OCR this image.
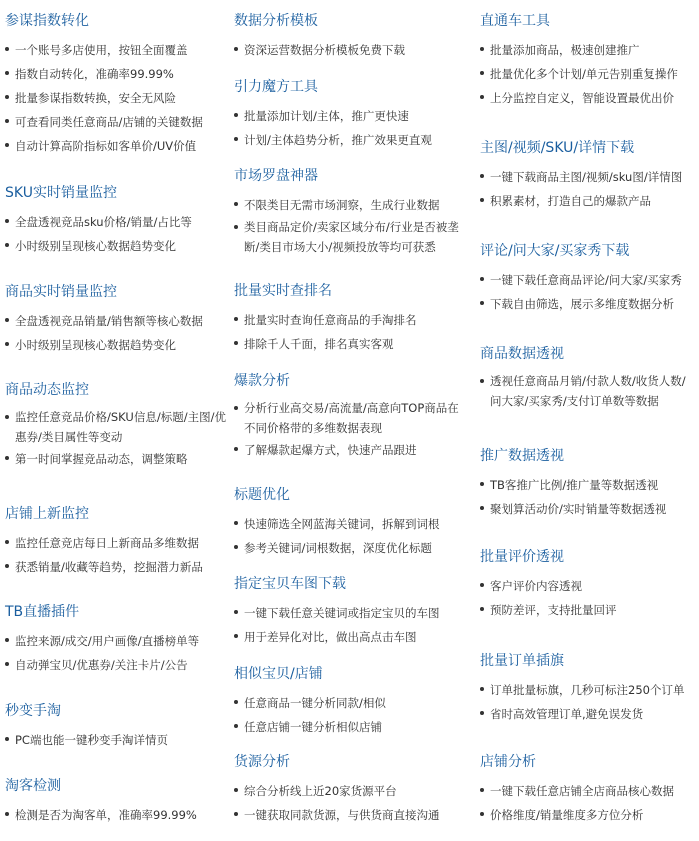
参谋指数转化
一个账号多店使用，按钮全面覆盖
指数自动转化，准确率99.99%
批量参谋指数转换，安全无风险
可查看同类任意商品/店铺的关键数据
自动计算高阶指标如客单价/UV价值
SKU实时销量监控
全盘透视竞品sku价格/销量/占比等
小时级别呈现核心数据趋势变化
商品实时销量监控
全盘透视竞品销量/销售额等核心数据
小时级别呈现核心数据趋势变化
商品动态监控
监控任意竞品价格/SKU信息/标题/主图/优惠券/类目属性等变动
第一时间掌握竞品动态，调整策略
店铺上新监控
监控任意竞店每日上新商品多维数据
获悉销量/收藏等趋势，挖掘潜力新品
TB直播插件
监控来源/成交/用户画像/直播榜单等
自动弹宝贝/优惠券/关注卡片/公告
秒变手淘
PC端也能一键秒变手淘详情页
淘客检测
检测是否为淘客单，准确率99.99%
数据分析模板
资深运营数据分析模板免费下载
引力魔方工具
批量添加计划/主体，推广更快速
计划/主体趋势分析，推广效果更直观
市场罗盘神器
不限类目无需市场洞察，生成行业数据
类目商品定价/卖家区域分布/行业是否被垄断/类目市场大小/视频投放等均可获悉
批量实时查排名
批量实时查询任意商品的手淘排名
排除千人千面，排名真实客观
爆款分析
分析行业高交易/高流量/高意向TOP商品在不同价格带的多维数据表现
了解爆款起爆方式，快速产品跟进
标题优化
快速筛选全网蓝海关键词，拆解到词根
参考关键词/词根数据，深度优化标题
指定宝贝车图下载
一键下载任意关键词或指定宝贝的车图
用于差异化对比，做出高点击车图
相似宝贝/店铺
任意商品一键分析同款/相似
任意店铺一键分析相似店铺
货源分析
综合分析线上近20家货源平台
一键获取同款货源，与供货商直接沟通
直通车工具
批量添加商品，极速创建推广
批量优化多个计划/单元告别重复操作
上分监控自定义，智能设置最优出价
主图/视频/SKU/详情下载
一键下载商品主图/视频/sku图/详情图
积累素材，打造自己的爆款产品
评论/问大家/买家秀下载
一键下载任意商品评论/问大家/买家秀
下载自由筛选，展示多维度数据分析
商品数据透视
透视任意商品月销/付款人数/收货人数/问大家/买家秀/支付订单数等数据
推广数据透视
TB客推广比例/推广量等数据透视
聚划算活动价/实时销量等数据透视
批量评价透视
客户评价内容透视
预防差评，支持批量回评
批量订单插旗
订单批量标旗，几秒可标注250个订单
省时高效管理订单,避免误发货
店铺分析
一键下载任意店铺全店商品核心数据
价格维度/销量维度多方位分析
